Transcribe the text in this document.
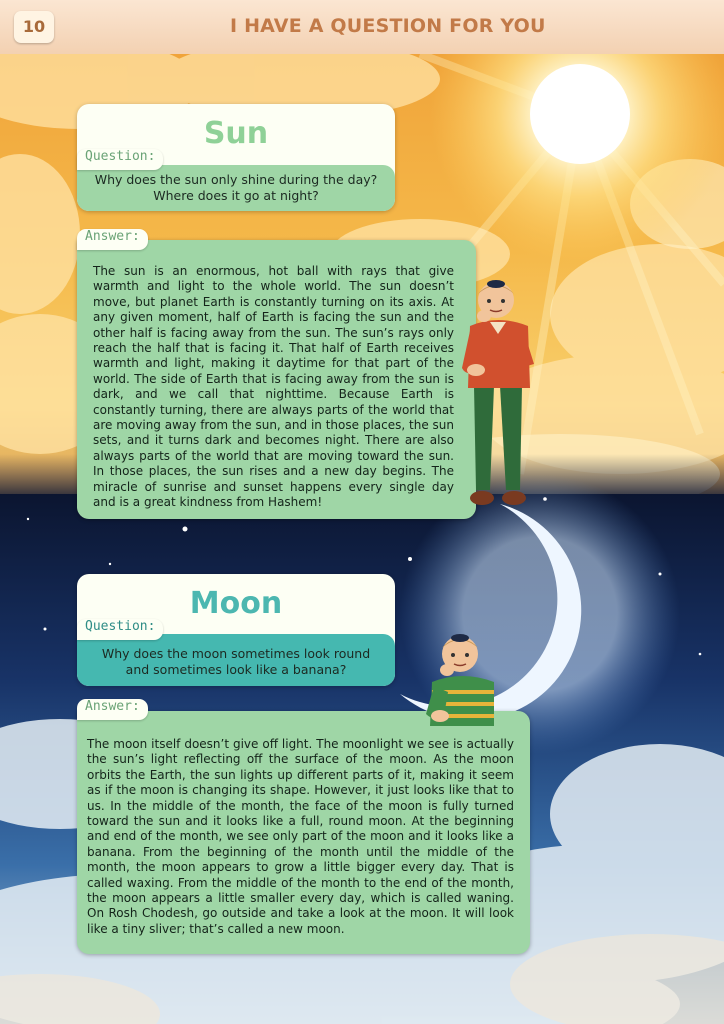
10	I HAVE A QUESTION FOR YOU
Sun
Why does the sun only shine during the day? Where does it go at night?
Question:
The sun is an enormous, hot ball with rays that give warmth and light to the whole world. The sun doesn’t move, but planet Earth is constantly turning on its axis. At any given moment, half of Earth is facing the sun and the other half is facing away from the sun. The sun’s rays only reach the half that is facing it. That half of Earth receives warmth and light, making it daytime for that part of the world. The side of Earth that is facing away from the sun is dark, and we call that nighttime. Because Earth is constantly turning, there are always parts of the world that are moving away from the sun, and in those places, the sun sets, and it turns dark and becomes night. There are also always parts of the world that are moving toward the sun. In those places, the sun rises and a new day begins. The miracle of sunrise and sunset happens every single day and is a great kindness from Hashem!
Answer:
Moon
Why does the moon sometimes look round and sometimes look like a banana?
Question:
The moon itself doesn’t give off light. The moonlight we see is actually the sun’s light reflecting off the surface of the moon. As the moon orbits the Earth, the sun lights up different parts of it, making it seem as if the moon is changing its shape. However, it just looks like that to us. In the middle of the month, the face of the moon is fully turned toward the sun and it looks like a full, round moon. At the beginning and end of the month, we see only part of the moon and it looks like a banana. From the beginning of the month until the middle of the month, the moon appears to grow a little bigger every day. That is called waxing. From the middle of the month to the end of the month, the moon appears a little smaller every day, which is called waning. On Rosh Chodesh, go outside and take a look at the moon. It will look like a tiny sliver; that’s called a new moon.
Answer:
